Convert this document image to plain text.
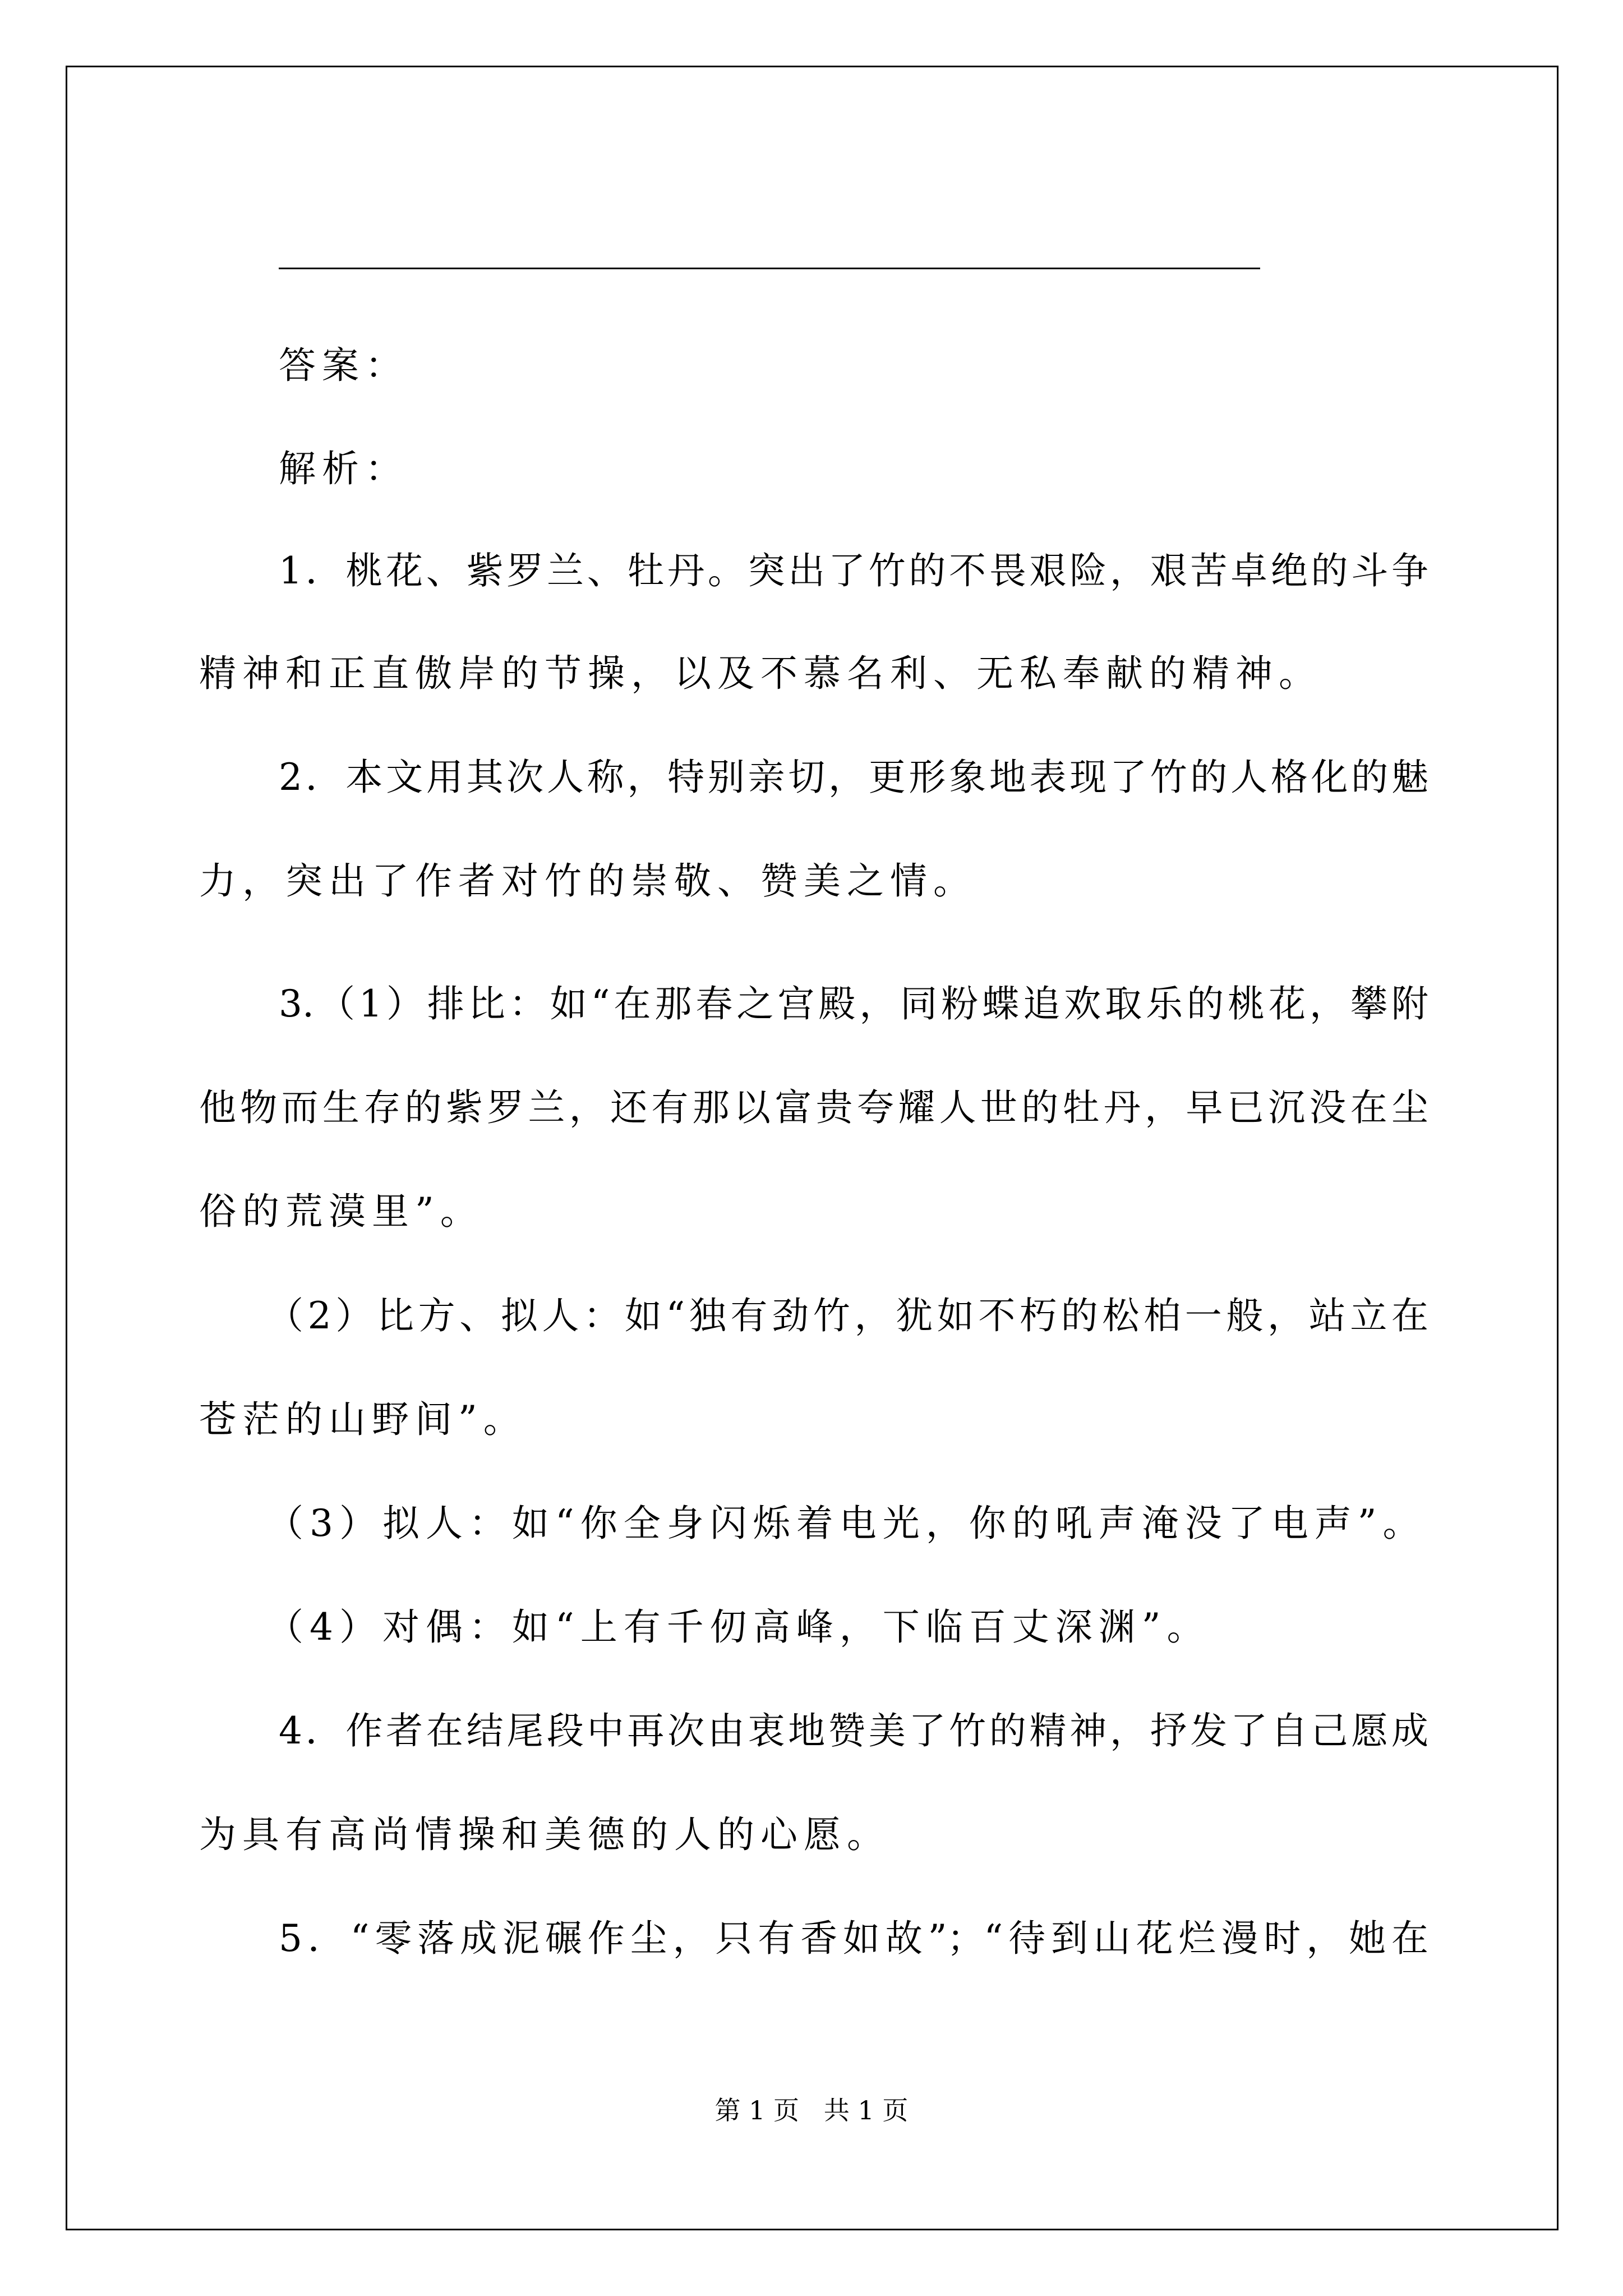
答案：

解析：

1．桃花、紫罗兰、牡丹。突出了竹的不畏艰险，艰苦卓绝的斗争

精神和正直傲岸的节操，以及不慕名利、无私奉献的精神。

2．本文用其次人称，特别亲切，更形象地表现了竹的人格化的魅

力，突出了作者对竹的崇敬、赞美之情。

3.（1）排比：如“在那春之宫殿，同粉蝶追欢取乐的桃花，攀附

他物而生存的紫罗兰，还有那以富贵夸耀人世的牡丹，早已沉没在尘

俗的荒漠里”。

（2）比方、拟人：如“独有劲竹，犹如不朽的松柏一般，站立在

苍茫的山野间”。

（3）拟人：如“你全身闪烁着电光，你的吼声淹没了电声”。

（4）对偶：如“上有千仞高峰，下临百丈深渊”。

4．作者在结尾段中再次由衷地赞美了竹的精神，抒发了自己愿成

为具有高尚情操和美德的人的心愿。

5．“零落成泥碾作尘，只有香如故”；“待到山花烂漫时，她在

第 1 页   共 1 页
